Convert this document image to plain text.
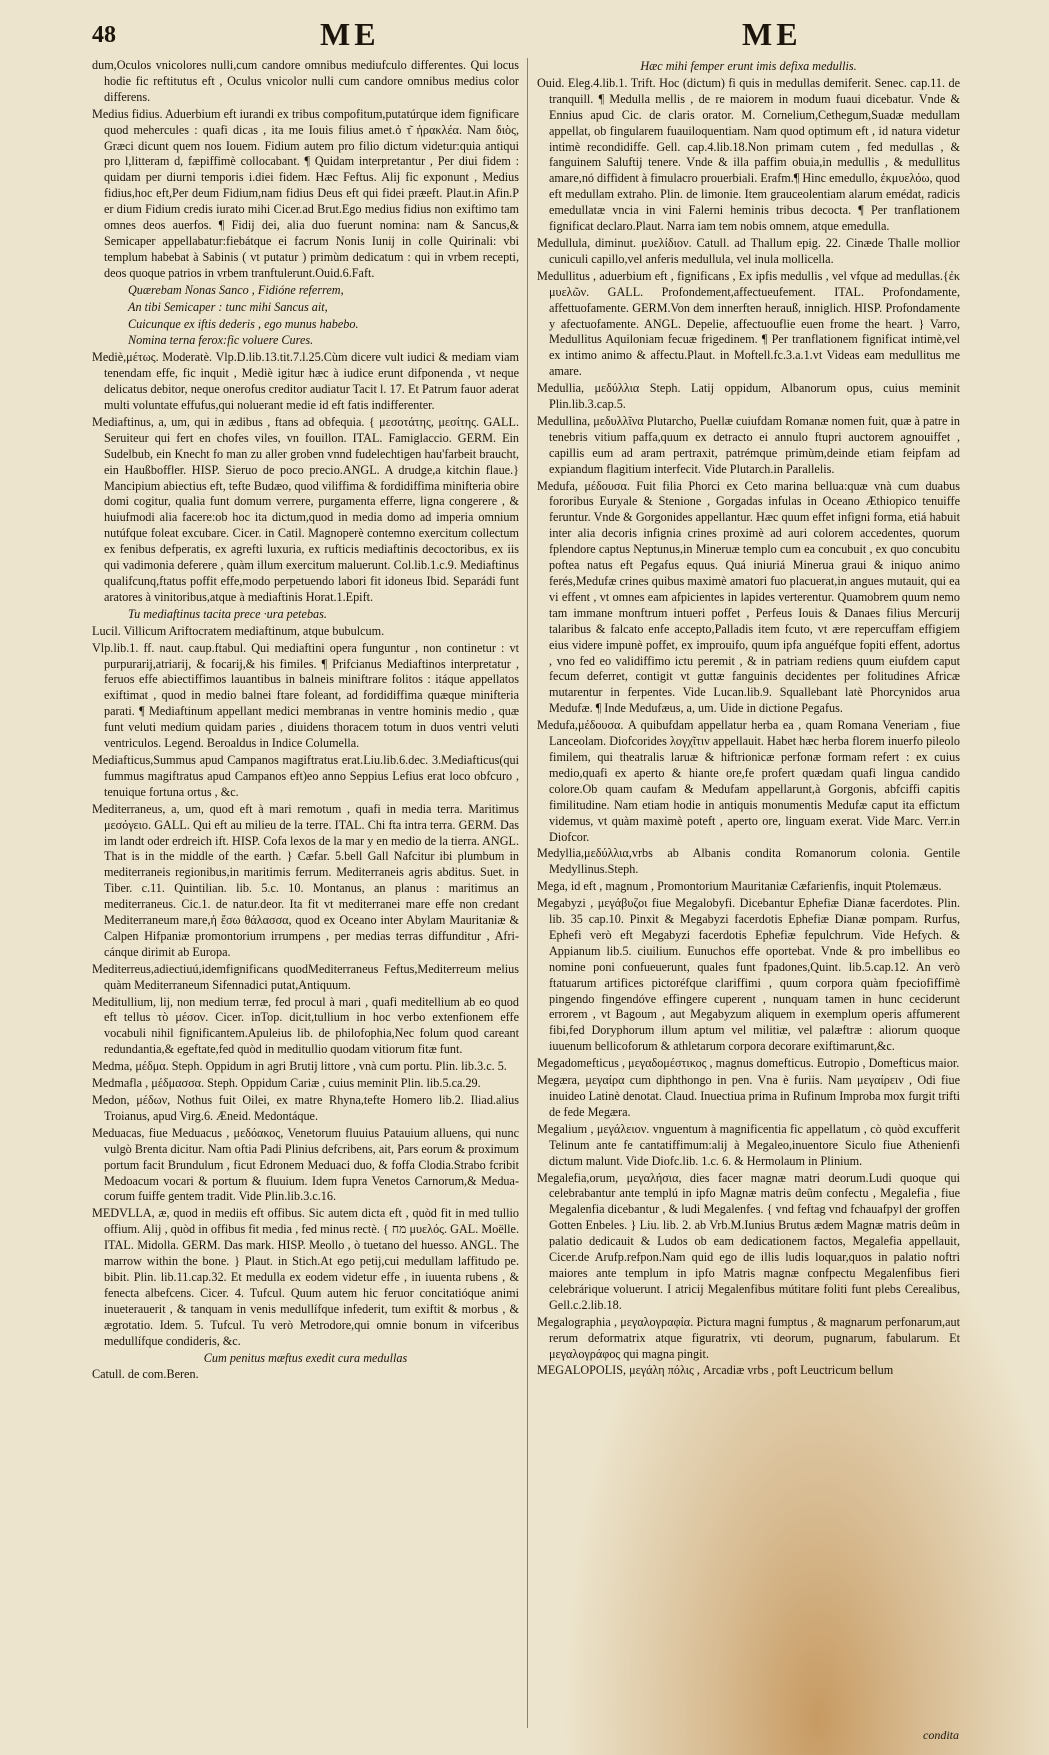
48	ME	ME

dum,Oculos vnicolores nulli,cum candore omnibus mediufculo differentes. Qui locus hodie fic reftitutus eft , Oculus vnicolor nulli cum candore omnibus medius color differens.

Medius fidius. Aduerbium eft iurandi ex tribus compofitum,putatúrque idem fignificare quod mehercules : quafi dicas , ita me Iouis filius amet.ὁ τ͂ ἡρακλέα. Nam διὸς, Græci dicunt quem nos Iouem. Fidium autem pro filio dictum videtur:quia antiqui pro l,litteram d, fæpiffimè collocabant. ¶ Quidam interpretantur , Per diui fidem : quidam per diurni temporis i.diei fidem. Hæc Feftus. Alij fic exponunt , Medius fidius,hoc eft,Per deum Fidium,nam fidius Deus eft qui fidei præeft. Plaut.in Afin.P er dium Fidium credis iurato mihi Cicer.ad Brut.Ego medius fidius non exiftimo tam omnes deos auerfos. ¶ Fidij dei, alia duo fuerunt nomina: nam & Sancus,& Semicaper appellabatur:fiebátque ei facrum Nonis Iunij in colle Quirinali: vbi templum habebat à Sabinis ( vt putatur ) primùm dedicatum : qui in vrbem recepti, deos quoque patrios in vrbem tranftulerunt.Ouid.6.Faft.

Quærebam Nonas Sanco , Fidióne referrem,

An tibi Semicaper : tunc mihi Sancus ait,

Cuicunque ex iftis dederis , ego munus habebo.

Nomina terna ferox:fic voluere Cures.

Mediè,μέτως. Moderatè. Vlp.D.lib.13.tit.7.l.25.Cùm dicere vult iudici & mediam viam tenendam effe, fic inquit , Mediè igitur hæc à iudice erunt difponenda , vt neque delicatus debitor, neque onerofus creditor audiatur Tacit l. 17. Et Patrum fauor aderat multi voluntate effufus,qui noluerant medie id eft fatis indifferenter.

Mediaftinus, a, um, qui in ædibus , ftans ad obfequia. { μεσοτάτης, μεσίτης. GALL. Seruiteur qui fert en chofes viles, vn fouillon. ITAL. Famiglaccio. GERM. Ein Sudelbub, ein Knecht fo man zu aller groben vnnd fudelechtigen hau'farbeit braucht, ein Haußboffler. HISP. Sieruo de poco precio.ANGL. A drudge,a kitchin flaue.} Mancipium abiectius eft, tefte Budæo, quod viliffima & fordidiffima minifteria obire domi cogitur, qualia funt domum verrere, purgamenta efferre, ligna congerere , & huiufmodi alia facere:ob hoc ita dictum,quod in media domo ad imperia omnium nutúfque foleat excubare. Cicer. in Catil. Magnoperè contemno exercitum collectum ex fenibus defperatis, ex agrefti luxuria, ex rufticis mediaftinis decoctoribus, ex iis qui vadimonia deferere , quàm illum exercitum maluerunt. Col.lib.1.c.9. Mediaftinus qualifcunq,ftatus poffit effe,modo perpetuendo labori fit idoneus Ibid. Separádi funt aratores à vinitoribus,atque à mediaftinis Horat.1.Epift.

Tu mediaftinus tacita prece ·ura petebas.

Lucil. Villicum Ariftocratem mediaftinum, atque bubulcum.

Vlp.lib.1. ff. naut. caup.ftabul. Qui mediaftini opera funguntur , non continetur : vt purpurarij,atriarij, & focarij,& his fimiles. ¶ Prifcianus Mediaftinos interpretatur , feruos effe abiectiffimos lauantibus in balneis miniftrare folitos : itáque appellatos exiftimat , quod in medio balnei ftare foleant, ad fordidiffima quæque minifteria parati. ¶ Mediaftinum appellant medici membranas in ventre hominis medio , quæ funt veluti medium quidam paries , diuidens thoracem totum in duos ventri veluti ventriculos. Legend. Beroaldus in Indice Columella.

Mediafticus,Summus apud Campanos magiftratus erat.Liu.lib.6.dec. 3.Mediafticus(qui fummus magiftratus apud Campanos eft)eo anno Seppius Lefius erat loco obfcuro , tenuique fortuna ortus , &c.

Mediterraneus, a, um, quod eft à mari remotum , quafi in media terra. Maritimus μεσόγειο. GALL. Qui eft au milieu de la terre. ITAL. Chi fta intra terra. GERM. Das im landt oder erdreich ift. HISP. Cofa lexos de la mar y en medio de la tierra. ANGL. That is in the middle of the earth. } Cæfar. 5.bell Gall Nafcitur ibi plumbum in mediterraneis regionibus,in maritimis ferrum. Mediterraneis agris abditus. Suet. in Tiber. c.11. Quintilian. lib. 5.c. 10. Montanus, an planus : maritimus an mediterraneus. Cic.1. de natur.deor. Ita fit vt mediterranei mare effe non credant Mediterraneum mare,ἡ ἔσω θάλασσα, quod ex Oceano inter Abylam Mauritaniæ & Calpen Hifpaniæ promontorium irrumpens , per medias terras diffunditur , Africánque dirimit ab Europa.

Mediterreus,adiectiuú,idemfignificans quodMediterraneus Feftus,Mediterreum melius quàm Mediterraneum Sifennadici putat,Antiquum.

Meditullium, lij, non medium terræ, fed procul à mari , quafi meditellium ab eo quod eft tellus τὸ μέσον. Cicer. inTop. dicit,tullium in hoc verbo extenfionem effe vocabuli nihil fignificantem.Apuleius lib. de philofophia,Nec folum quod careant redundantia,& egeftate,fed quòd in meditullio quodam vitiorum fitæ funt.

Medma, μέδμα. Steph. Oppidum in agri Brutij littore , vnà cum portu. Plin. lib.3.c. 5.

Medmafla , μέδμασσα. Steph. Oppidum Cariæ , cuius meminit Plin. lib.5.ca.29.

Medon, μέδων, Nothus fuit Oilei, ex matre Rhyna,tefte Homero lib.2. Iliad.alius Troianus, apud Virg.6. Æneid. Medontáque.

Meduacas, fiue Meduacus , μεδόακος, Venetorum fluuius Patauium alluens, qui nunc vulgò Brenta dicitur. Nam oftia Padi Plinius defcribens, ait, Pars eorum & proximum portum facit Brundulum , ficut Edronem Meduaci duo, & foffa Clodia.Strabo fcribit Medoacum vocari & portum & fluuium. Idem fupra Venetos Carnorum,& Meduacorum fuiffe gentem tradit. Vide Plin.lib.3.c.16.

MEDVLLA, æ, quod in mediis eft offibus. Sic autem dicta eft , quòd fit in med tullio offium. Alij , quòd in offibus fit media , fed minus rectè. { מח μυελός. GAL. Moëlle. ITAL. Midolla. GERM. Das mark. HISP. Meollo , ò tuetano del huesso. ANGL. The marrow within the bone. } Plaut. in Stich.At ego petij,cui medullam laffitudo pe. bibit. Plin. lib.11.cap.32. Et medulla ex eodem videtur effe , in iuuenta rubens , & fenecta albefcens. Cicer. 4. Tufcul. Quum autem hic feruor concitatióque animi inueterauerit , & tanquam in venis medullífque infederit, tum exiftit & morbus , & ægrotatio. Idem. 5. Tufcul. Tu verò Metrodore,qui omnie bonum in vifceribus medullífque condideris, &c.

Cum penitus mæftus exedit cura medullas

Catull. de com.Beren.

Hæc mihi femper erunt imis defixa medullis.

Ouid. Eleg.4.lib.1. Trift. Hoc (dictum) fi quis in medullas demiferit. Senec. cap.11. de tranquill. ¶ Medulla mellis , de re maiorem in modum fuaui dicebatur. Vnde & Ennius apud Cic. de claris orator. M. Cornelium,Cethegum,Suadæ medullam appellat, ob fingularem fuauiloquentiam. Nam quod optimum eft , id natura videtur intimè recondidiffe. Gell. cap.4.lib.18.Non primam cutem , fed medullas , & fanguinem Saluftij tenere. Vnde & illa paffim obuia,in medullis , & medullitus amare,nó diffident à fimulacro prouerbiali. Erafm.¶ Hinc emedullo, ἐκμυελόω, quod eft medullam extraho. Plin. de limonie. Item grauceolentiam alarum emédat, radicis emedullatæ vncia in vini Falerni heminis tribus decocta. ¶ Per tranflationem fignificat declaro.Plaut. Narra iam tem nobis omnem, atque emedulla.

Medullula, diminut. μυελίδιον. Catull. ad Thallum epig. 22. Cinæde Thalle mollior cuniculi capillo,vel anferis medullula, vel inula mollicella.

Medullitus , aduerbium eft , fignificans , Ex ipfis medullis , vel vfque ad medullas.{ἐκ μυελῶν. GALL. Profondement,affectueufement. ITAL. Profondamente, affettuofamente. GERM.Von dem innerften herauß, inniglich. HISP. Profondamente y afectuofamente. ANGL. Depelie, affectuouflie euen frome the heart. } Varro, Medullitus Aquiloniam fecuæ frigedinem. ¶ Per tranflationem fignificat intimè,vel ex intimo animo & affectu.Plaut. in Moftell.fc.3.a.1.vt Videas eam medullitus me amare.

Medullia, μεδύλλια Steph. Latij oppidum, Albanorum opus, cuius meminit Plin.lib.3.cap.5.

Medullina, μεδυλλῖνα Plutarcho, Puellæ cuiufdam Romanæ nomen fuit, quæ à patre in tenebris vitium paffa,quum ex detracto ei annulo ftupri auctorem agnouiffet , capillis eum ad aram pertraxit, patrémque primùm,deinde etiam feipfam ad expiandum flagitium interfecit. Vide Plutarch.in Parallelis.

Medufa, μέδουσα. Fuit filia Phorci ex Ceto marina bellua:quæ vnà cum duabus fororibus Euryale & Stenione , Gorgadas infulas in Oceano Æthiopico tenuiffe feruntur. Vnde & Gorgonides appellantur. Hæc quum effet infigni forma, etiá habuit inter alia decoris infignia crines proximè ad auri colorem accedentes, quorum fplendore captus Neptunus,in Mineruæ templo cum ea concubuit , ex quo concubitu poftea natus eft Pegafus equus. Quá iniuriá Minerua graui & iniquo animo ferés,Medufæ crines quibus maximè amatori fuo placuerat,in angues mutauit, qui ea vi effent , vt omnes eam afpicientes in lapides verterentur. Quamobrem quum nemo tam immane monftrum intueri poffet , Perfeus Iouis & Danaes filius Mercurij talaribus & falcato enfe accepto,Palladis item fcuto, vt ære repercuffam effigiem eius videre impunè poffet, ex improuifo, quum ipfa anguéfque fopiti effent, adortus , vno fed eo validiffimo ictu peremit , & in patriam rediens quum eiufdem caput fecum deferret, contigit vt guttæ fanguinis decidentes per folitudines Africæ mutarentur in ferpentes. Vide Lucan.lib.9. Squallebant latè Phorcynidos arua Medufæ. ¶ Inde Medufæus, a, um. Uide in dictione Pegafus.

Medufa,μέδουσα. A quibufdam appellatur herba ea , quam Romana Veneriam , fiue Lanceolam. Diofcorides λογχῖτιν appellauit. Habet hæc herba florem inuerfo pileolo fimilem, qui theatralis laruæ & hiftrionicæ perfonæ formam refert : ex cuius medio,quafi ex aperto & hiante ore,fe profert quædam quafi lingua candido colore.Ob quam caufam & Medufam appellarunt,à Gorgonis, abfciffi capitis fimilitudine. Nam etiam hodie in antiquis monumentis Medufæ caput ita effictum videmus, vt quàm maximè poteft , aperto ore, linguam exerat. Vide Marc. Verr.in Diofcor.

Medyllia,μεδύλλια,vrbs ab Albanis condita Romanorum colonia. Gentile Medyllinus.Steph.

Mega, id eft , magnum , Promontorium Mauritaniæ Cæfarienfis, inquit Ptolemæus.

Megabyzi , μεγάβυζοι fiue Megalobyfi. Dicebantur Ephefiæ Dianæ facerdotes. Plin. lib. 35 cap.10. Pinxit & Megabyzi facerdotis Ephefiæ Dianæ pompam. Rurfus, Ephefi verò eft Megabyzi facerdotis Ephefiæ fepulchrum. Vide Hefych. & Appianum lib.5. ciuilium. Eunuchos effe oportebat. Vnde & pro imbellibus eo nomine poni confueuerunt, quales funt fpadones,Quint. lib.5.cap.12. An verò ftatuarum artifices pictoréfque clariffimi , quum corpora quàm fpeciofiffimè pingendo fingendóve effingere cuperent , nunquam tamen in hunc ceciderunt errorem , vt Bagoum , aut Megabyzum aliquem in exemplum operis affumerent fibi,fed Doryphorum illum aptum vel militiæ, vel palæftræ : aliorum quoque iuuenum bellicoforum & athletarum corpora decorare exiftimarunt,&c.

Megadomefticus , μεγαδομέστικος , magnus domefticus. Eutropio , Domefticus maior.

Megæra, μεγαίρα cum diphthongo in pen. Vna è furiis. Nam μεγαίρειν , Odi fiue inuideo Latinè denotat. Claud. Inuectiua prima in Rufinum Improba mox furgit trifti de fede Megæra.

Megalium , μεγάλειον. vnguentum à magnificentia fic appellatum , cò quòd excufferit Telinum ante fe cantatiffimum:alij à Megaleo,inuentore Siculo fiue Athenienfi dictum malunt. Vide Diofc.lib. 1.c. 6. & Hermolaum in Plinium.

Megalefia,orum, μεγαλήσια, dies facer magnæ matri deorum.Ludi quoque qui celebrabantur ante templú in ipfo Magnæ matris deûm confectu , Megalefia , fiue Megalenfia dicebantur , & ludi Megalenfes. { vnd feftag vnd fchauafpyl der groffen Gotten Enbeles. } Liu. lib. 2. ab Vrb.M.Iunius Brutus ædem Magnæ matris deûm in palatio dedicauit & Ludos ob eam dedicationem factos, Megalefia appellauit, Cicer.de Arufp.refpon.Nam quid ego de illis ludis loquar,quos in palatio noftri maiores ante templum in ipfo Matris magnæ confpectu Megalenfibus fieri celebrárique voluerunt. I atricij Megalenfibus mútitare foliti funt plebs Cerealibus, Gell.c.2.lib.18.

Megalographia , μεγαλογραφία. Pictura magni fumptus , & magnarum perfonarum,aut rerum deformatrix atque figuratrix, vti deorum, pugnarum, fabularum. Et μεγαλογράφος qui magna pingit.

MEGALOPOLIS, μεγάλη πόλις , Arcadiæ vrbs , poft Leuctricum bellum

condita
